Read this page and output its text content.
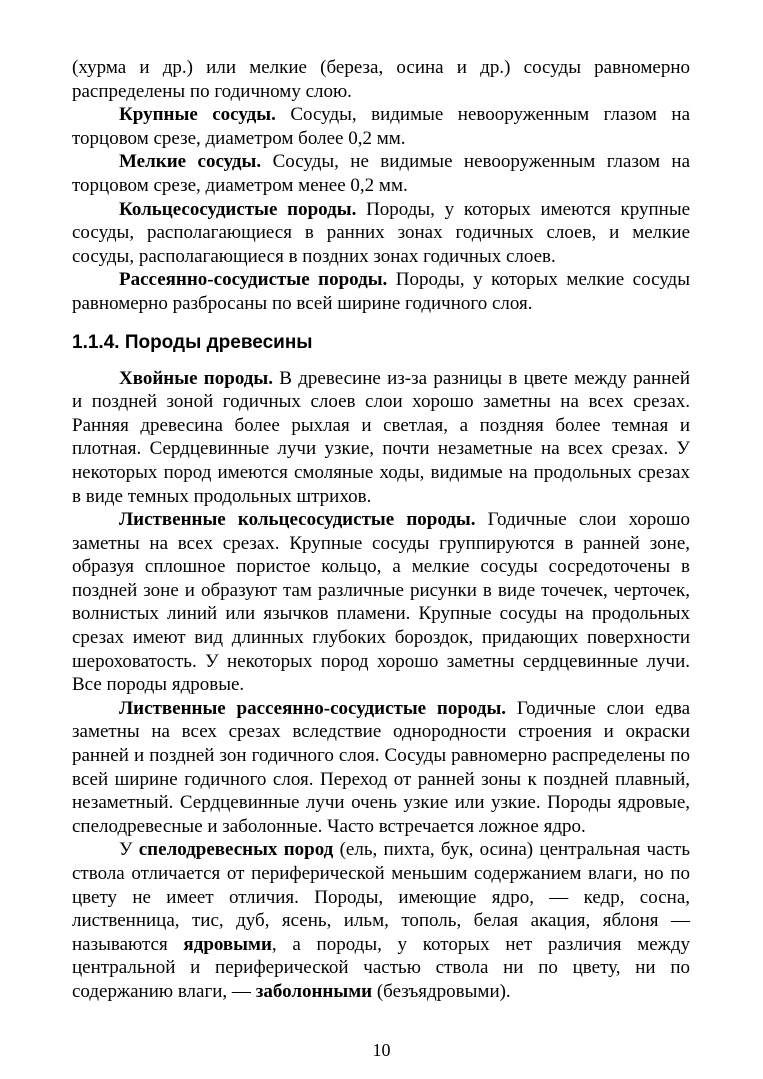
(хурма и др.) или мелкие (береза, осина и др.) сосуды равномерно распределены по годичному слою.

Крупные сосуды. Сосуды, видимые невооруженным глазом на торцовом срезе, диаметром более 0,2 мм.

Мелкие сосуды. Сосуды, не видимые невооруженным глазом на торцовом срезе, диаметром менее 0,2 мм.

Кольцесосудистые породы. Породы, у которых имеются крупные сосуды, располагающиеся в ранних зонах годичных слоев, и мелкие сосуды, располагающиеся в поздних зонах годичных слоев.

Рассеянно-сосудистые породы. Породы, у которых мелкие сосуды равномерно разбросаны по всей ширине годичного слоя.

1.1.4. Породы древесины

Хвойные породы. В древесине из-за разницы в цвете между ранней и поздней зоной годичных слоев слои хорошо заметны на всех срезах. Ранняя древесина более рыхлая и светлая, а поздняя более темная и плотная. Сердцевинные лучи узкие, почти незаметные на всех срезах. У некоторых пород имеются смоляные ходы, видимые на продольных срезах в виде темных продольных штрихов.

Лиственные кольцесосудистые породы. Годичные слои хорошо заметны на всех срезах. Крупные сосуды группируются в ранней зоне, образуя сплошное пористое кольцо, а мелкие сосуды сосредоточены в поздней зоне и образуют там различные рисунки в виде точечек, черточек, волнистых линий или язычков пламени. Крупные сосуды на продольных срезах имеют вид длинных глубоких бороздок, придающих поверхности шероховатость. У некоторых пород хорошо заметны сердцевинные лучи. Все породы ядровые.

Лиственные рассеянно-сосудистые породы. Годичные слои едва заметны на всех срезах вследствие однородности строения и окраски ранней и поздней зон годичного слоя. Сосуды равномерно распределены по всей ширине годичного слоя. Переход от ранней зоны к поздней плавный, незаметный. Сердцевинные лучи очень узкие или узкие. Породы ядровые, спелодревесные и заболонные. Часто встречается ложное ядро.

У спелодревесных пород (ель, пихта, бук, осина) центральная часть ствола отличается от периферической меньшим содержанием влаги, но по цвету не имеет отличия. Породы, имеющие ядро, — кедр, сосна, лиственница, тис, дуб, ясень, ильм, тополь, белая акация, яблоня — называются ядровыми, а породы, у которых нет различия между центральной и периферической частью ствола ни по цвету, ни по содержанию влаги, — заболонными (безъядровыми).

10
